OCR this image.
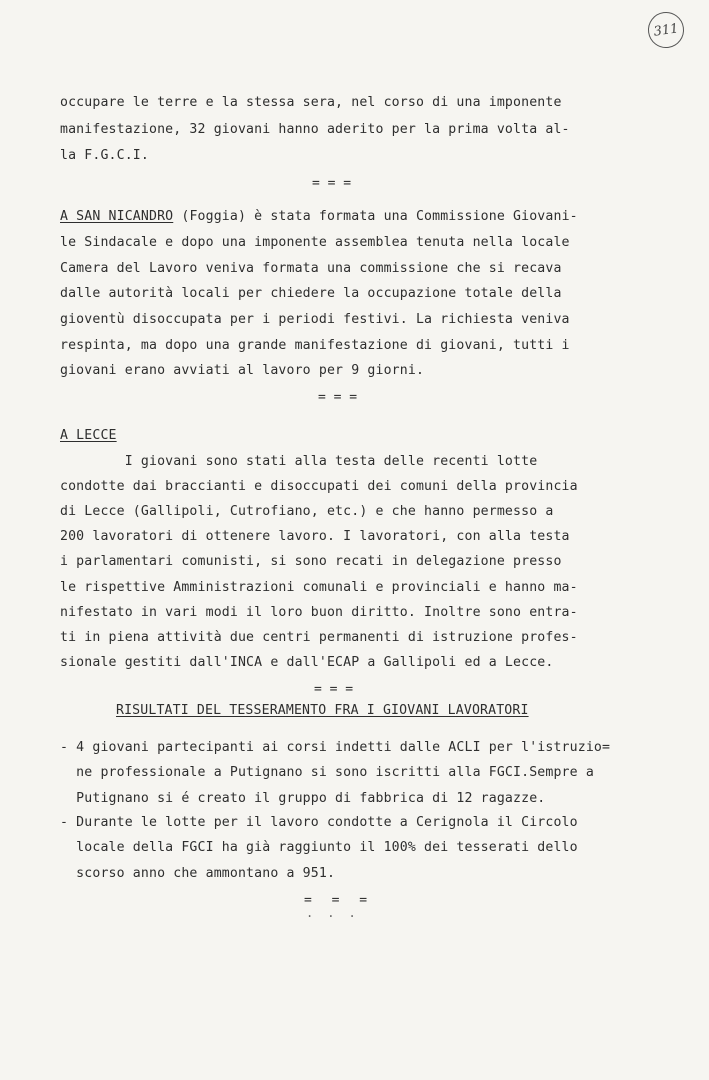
311
occupare le terre e la stessa sera, nel corso di una imponente
manifestazione, 32 giovani hanno aderito per la prima volta al-
la F.G.C.I.
= = =
A SAN NICANDRO (Foggia) è stata formata una Commissione Giovani-
le Sindacale e dopo una imponente assemblea tenuta nella locale
Camera del Lavoro veniva formata una commissione che si recava
dalle autorità locali per chiedere la occupazione totale della
gioventù disoccupata per i periodi festivi. La richiesta veniva
respinta, ma dopo una grande manifestazione di giovani, tutti i
giovani erano avviati al lavoro per 9 giorni.
= = =
A LECCE
I giovani sono stati alla testa delle recenti lotte
condotte dai braccianti e disoccupati dei comuni della provincia
di Lecce (Gallipoli, Cutrofiano, etc.) e che hanno permesso a
200 lavoratori di ottenere lavoro. I lavoratori, con alla testa
i parlamentari comunisti, si sono recati in delegazione presso
le rispettive Amministrazioni comunali e provinciali e hanno ma-
nifestato in vari modi il loro buon diritto. Inoltre sono entra-
ti in piena attività due centri permanenti di istruzione profes-
sionale gestiti dall'INCA e dall'ECAP a Gallipoli ed a Lecce.
= = =
RISULTATI DEL TESSERAMENTO FRA I GIOVANI LAVORATORI
- 4 giovani partecipanti ai corsi indetti dalle ACLI per l'istruzio=
ne professionale a Putignano si sono iscritti alla FGCI.Sempre a
Putignano si é creato il gruppo di fabbrica di 12 ragazze.
- Durante le lotte per il lavoro condotte a Cerignola il Circolo
locale della FGCI ha già raggiunto il 100% dei tesserati dello
scorso anno che ammontano a 951.
= = =
...
